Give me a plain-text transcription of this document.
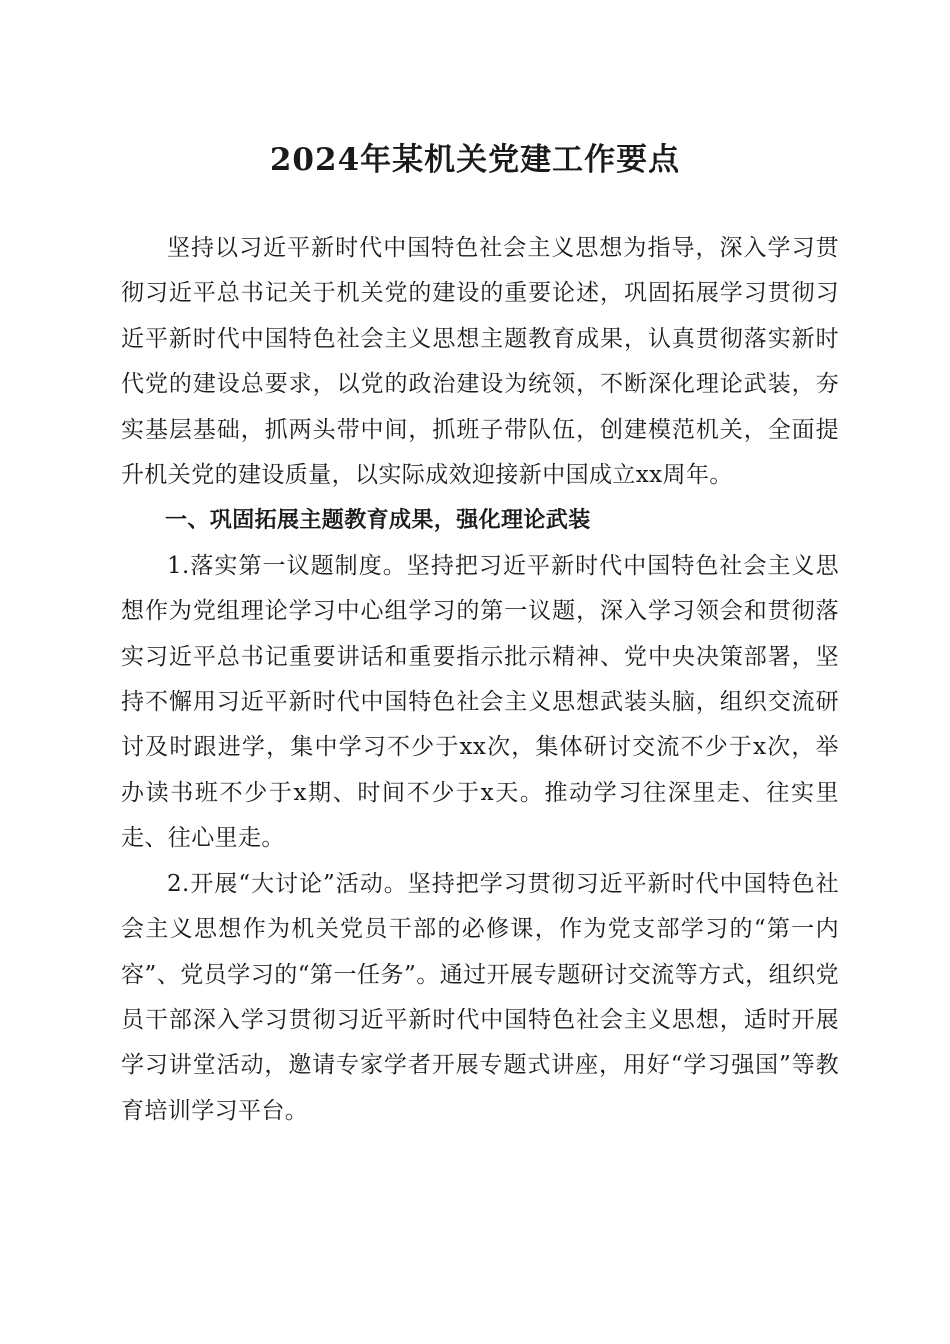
2024年某机关党建工作要点

坚持以习近平新时代中国特色社会主义思想为指导，深入学习贯彻习近平总书记关于机关党的建设的重要论述，巩固拓展学习贯彻习近平新时代中国特色社会主义思想主题教育成果，认真贯彻落实新时代党的建设总要求，以党的政治建设为统领，不断深化理论武装，夯实基层基础，抓两头带中间，抓班子带队伍，创建模范机关，全面提升机关党的建设质量，以实际成效迎接新中国成立xx周年。

一、巩固拓展主题教育成果，强化理论武装

1.落实第一议题制度。坚持把习近平新时代中国特色社会主义思想作为党组理论学习中心组学习的第一议题，深入学习领会和贯彻落实习近平总书记重要讲话和重要指示批示精神、党中央决策部署，坚持不懈用习近平新时代中国特色社会主义思想武装头脑，组织交流研讨及时跟进学，集中学习不少于xx次，集体研讨交流不少于x次，举办读书班不少于x期、时间不少于x天。推动学习往深里走、往实里走、往心里走。

2.开展“大讨论”活动。坚持把学习贯彻习近平新时代中国特色社会主义思想作为机关党员干部的必修课，作为党支部学习的“第一内容”、党员学习的“第一任务”。通过开展专题研讨交流等方式，组织党员干部深入学习贯彻习近平新时代中国特色社会主义思想，适时开展学习讲堂活动，邀请专家学者开展专题式讲座，用好“学习强国”等教育培训学习平台。
